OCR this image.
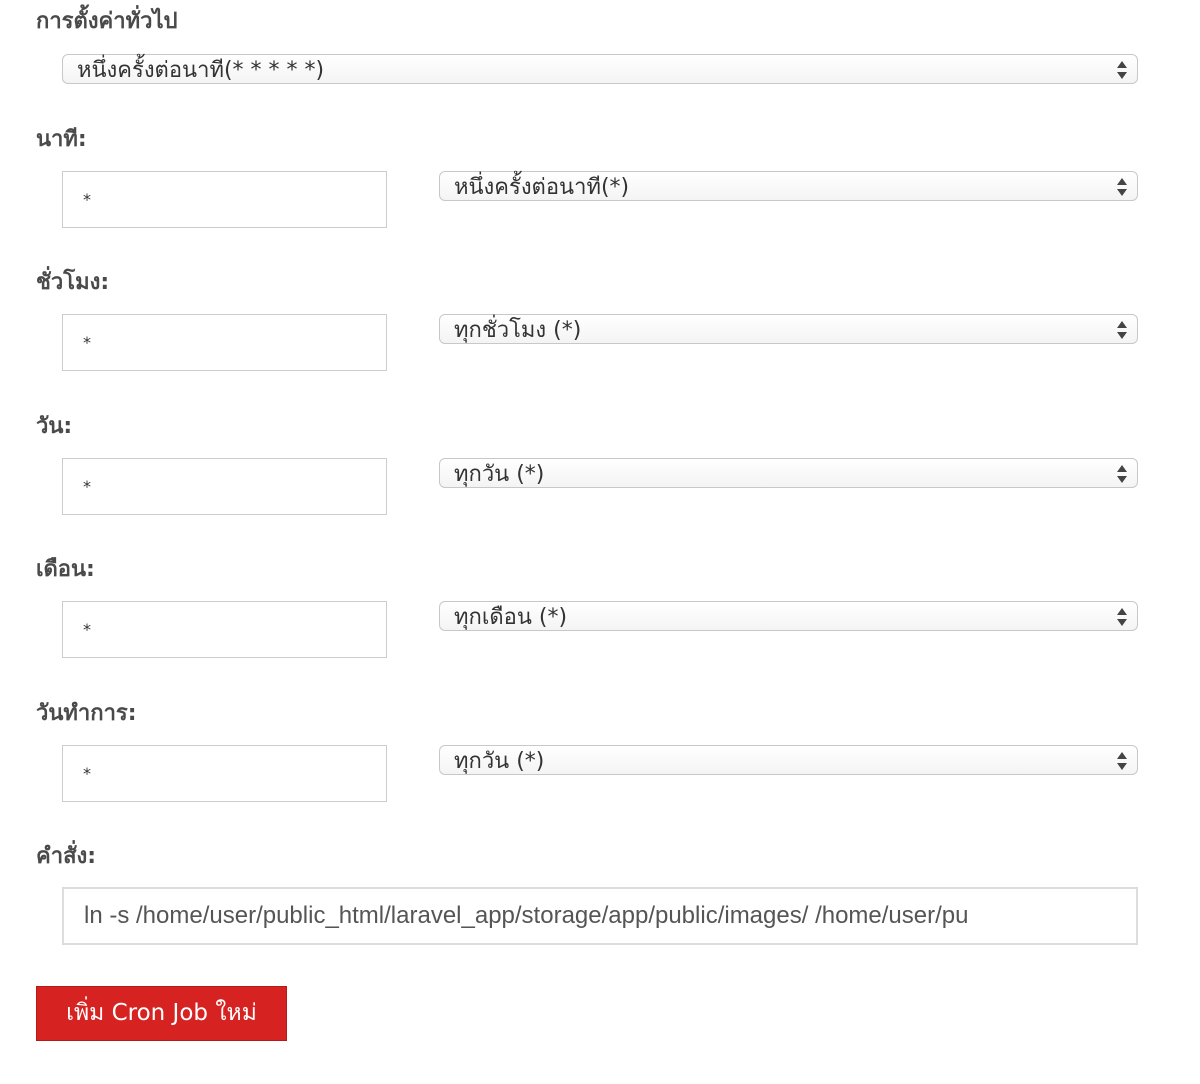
การตั้งค่าทั่วไป
หนึ่งครั้งต่อนาที(* * * * *)
นาที:
*
หนึ่งครั้งต่อนาที(*)
ชั่วโมง:
*
ทุกชั่วโมง (*)
วัน:
*
ทุกวัน (*)
เดือน:
*
ทุกเดือน (*)
วันทำการ:
*
ทุกวัน (*)
คำสั่ง:
ln -s /home/user/public_html/laravel_app/storage/app/public/images/ /home/user/pu
เพิ่ม Cron Job ใหม่
